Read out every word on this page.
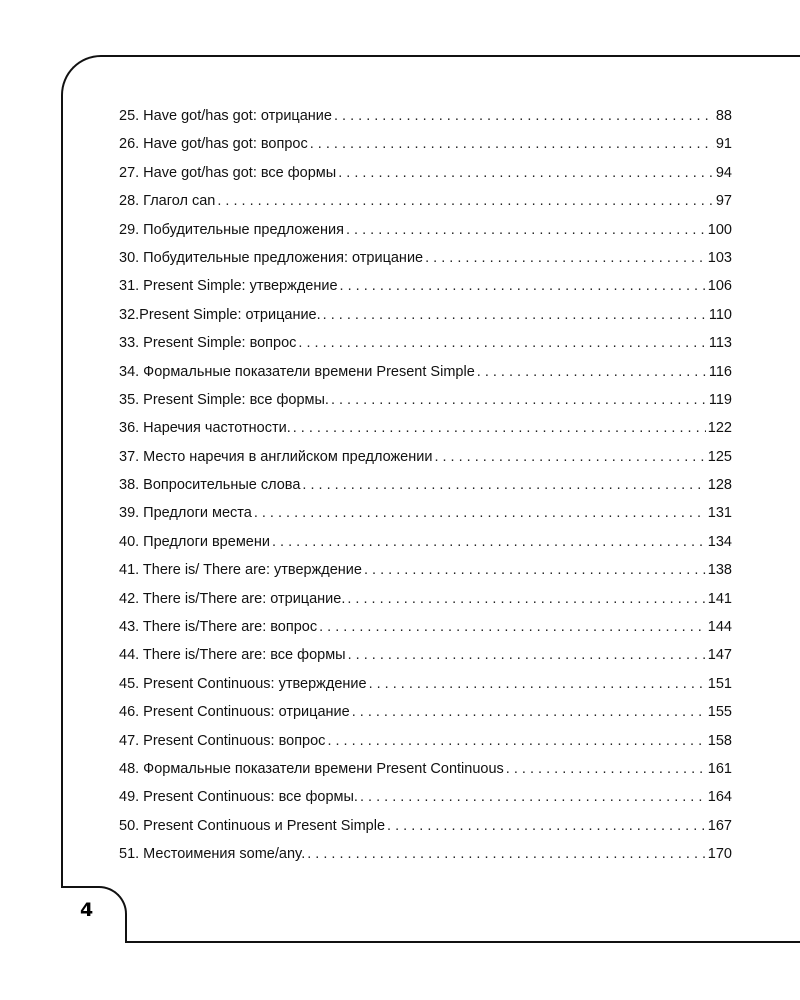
25. Have got/has got: отрицание . . .	88
26. Have got/has got: вопрос . . .	91
27. Have got/has got: все формы . . .	94
28. Глагол can . . .	97
29. Побудительные предложения . . .	100
30. Побудительные предложения: отрицание . . .	103
31. Present Simple: утверждение . . .	106
32.Present Simple: отрицание. . . .	110
33. Present Simple: вопрос . . .	113
34. Формальные показатели времени Present Simple . . .	116
35. Present Simple: все формы. . . .	119
36. Наречия частотности. . . .	122
37. Место наречия в английском предложении . . .	125
38. Вопросительные слова . . .	128
39. Предлоги места . . .	131
40. Предлоги времени . . .	134
41. There is/ There are: утверждение . . .	138
42. There is/There are: отрицание. . . .	141
43. There is/There are: вопрос . . .	144
44. There is/There are: все формы . . .	147
45. Present Continuous: утверждение . . .	151
46. Present Continuous: отрицание . . .	155
47. Present Continuous: вопрос . . .	158
48. Формальные показатели времени Present Continuous . . .	161
49. Present Continuous: все формы. . . .	164
50. Present Continuous и Present Simple . . .	167
51. Местоимения some/any. . . .	170
4
